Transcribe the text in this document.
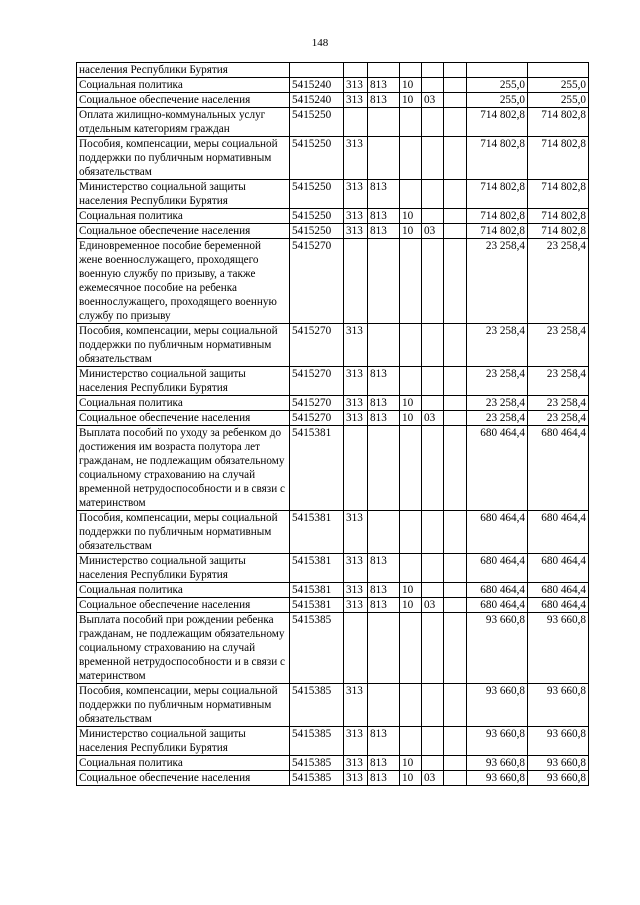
148
населения Республики Бурятия								
Социальная политика	5415240	313	813	10			255,0	255,0
Социальное обеспечение населения	5415240	313	813	10	03		255,0	255,0
Оплата жилищно-коммунальных услуг отдельным категориям граждан	5415250						714 802,8	714 802,8
Пособия, компенсации, меры социальной поддержки по публичным нормативным обязательствам	5415250	313					714 802,8	714 802,8
Министерство социальной защиты населения Республики Бурятия	5415250	313	813				714 802,8	714 802,8
Социальная политика	5415250	313	813	10			714 802,8	714 802,8
Социальное обеспечение населения	5415250	313	813	10	03		714 802,8	714 802,8
Единовременное пособие беременной жене военнослужащего, проходящего военную службу по призыву, а также ежемесячное пособие на ребенка военнослужащего, проходящего военную службу по призыву	5415270						23 258,4	23 258,4
Пособия, компенсации, меры социальной поддержки по публичным нормативным обязательствам	5415270	313					23 258,4	23 258,4
Министерство социальной защиты населения Республики Бурятия	5415270	313	813				23 258,4	23 258,4
Социальная политика	5415270	313	813	10			23 258,4	23 258,4
Социальное обеспечение населения	5415270	313	813	10	03		23 258,4	23 258,4
Выплата пособий по уходу за ребенком до достижения им возраста полутора лет гражданам, не подлежащим обязательному социальному страхованию на случай временной нетрудоспособности и в связи с материнством	5415381						680 464,4	680 464,4
Пособия, компенсации, меры социальной поддержки по публичным нормативным обязательствам	5415381	313					680 464,4	680 464,4
Министерство социальной защиты населения Республики Бурятия	5415381	313	813				680 464,4	680 464,4
Социальная политика	5415381	313	813	10			680 464,4	680 464,4
Социальное обеспечение населения	5415381	313	813	10	03		680 464,4	680 464,4
Выплата пособий при рождении ребенка гражданам, не подлежащим обязательному социальному страхованию на случай временной нетрудоспособности и в связи с материнством	5415385						93 660,8	93 660,8
Пособия, компенсации, меры социальной поддержки по публичным нормативным обязательствам	5415385	313					93 660,8	93 660,8
Министерство социальной защиты населения Республики Бурятия	5415385	313	813				93 660,8	93 660,8
Социальная политика	5415385	313	813	10			93 660,8	93 660,8
Социальное обеспечение населения	5415385	313	813	10	03		93 660,8	93 660,8
